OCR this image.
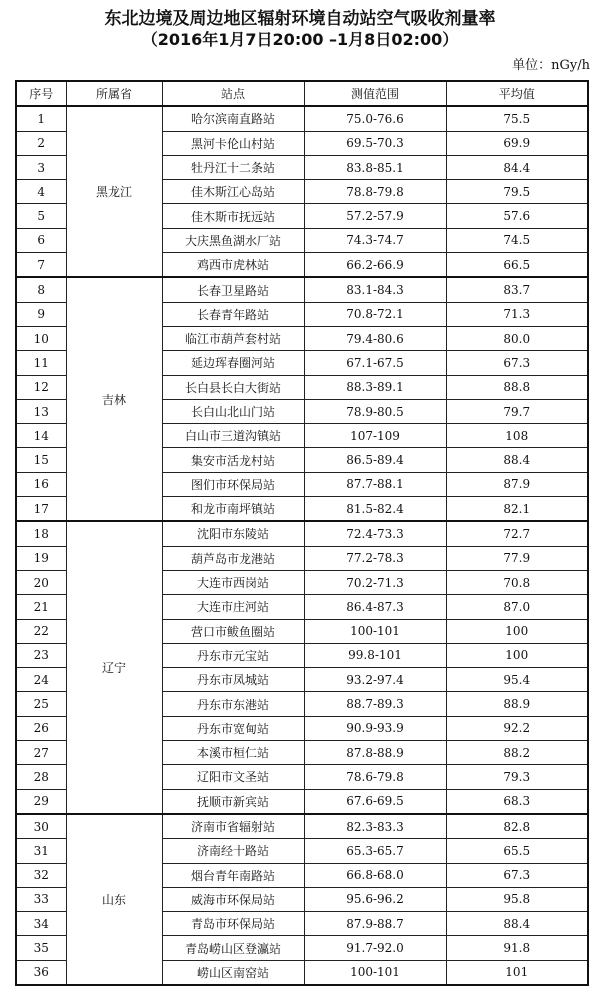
东北边境及周边地区辐射环境自动站空气吸收剂量率
（2016年1月7日20:00 –1月8日02:00）
单位：nGy/h
序号	所属省	站点	测值范围	平均值
1	黑龙江	哈尔滨南直路站	75.0-76.6	75.5
2		黑河卡伦山村站	69.5-70.3	69.9
3		牡丹江十二条站	83.8-85.1	84.4
4		佳木斯江心岛站	78.8-79.8	79.5
5		佳木斯市抚远站	57.2-57.9	57.6
6		大庆黑鱼湖水厂站	74.3-74.7	74.5
7		鸡西市虎林站	66.2-66.9	66.5
8	吉林	长春卫星路站	83.1-84.3	83.7
9		长春青年路站	70.8-72.1	71.3
10		临江市葫芦套村站	79.4-80.6	80.0
11		延边珲春圈河站	67.1-67.5	67.3
12		长白县长白大街站	88.3-89.1	88.8
13		长白山北山门站	78.9-80.5	79.7
14		白山市三道沟镇站	107-109	108
15		集安市活龙村站	86.5-89.4	88.4
16		图们市环保局站	87.7-88.1	87.9
17		和龙市南坪镇站	81.5-82.4	82.1
18	辽宁	沈阳市东陵站	72.4-73.3	72.7
19		葫芦岛市龙港站	77.2-78.3	77.9
20		大连市西岗站	70.2-71.3	70.8
21		大连市庄河站	86.4-87.3	87.0
22		营口市鲅鱼圈站	100-101	100
23		丹东市元宝站	99.8-101	100
24		丹东市凤城站	93.2-97.4	95.4
25		丹东市东港站	88.7-89.3	88.9
26		丹东市宽甸站	90.9-93.9	92.2
27		本溪市桓仁站	87.8-88.9	88.2
28		辽阳市文圣站	78.6-79.8	79.3
29		抚顺市新宾站	67.6-69.5	68.3
30	山东	济南市省辐射站	82.3-83.3	82.8
31		济南经十路站	65.3-65.7	65.5
32		烟台青年南路站	66.8-68.0	67.3
33		威海市环保局站	95.6-96.2	95.8
34		青岛市环保局站	87.9-88.7	88.4
35		青岛崂山区登瀛站	91.7-92.0	91.8
36		崂山区南窑站	100-101	101
